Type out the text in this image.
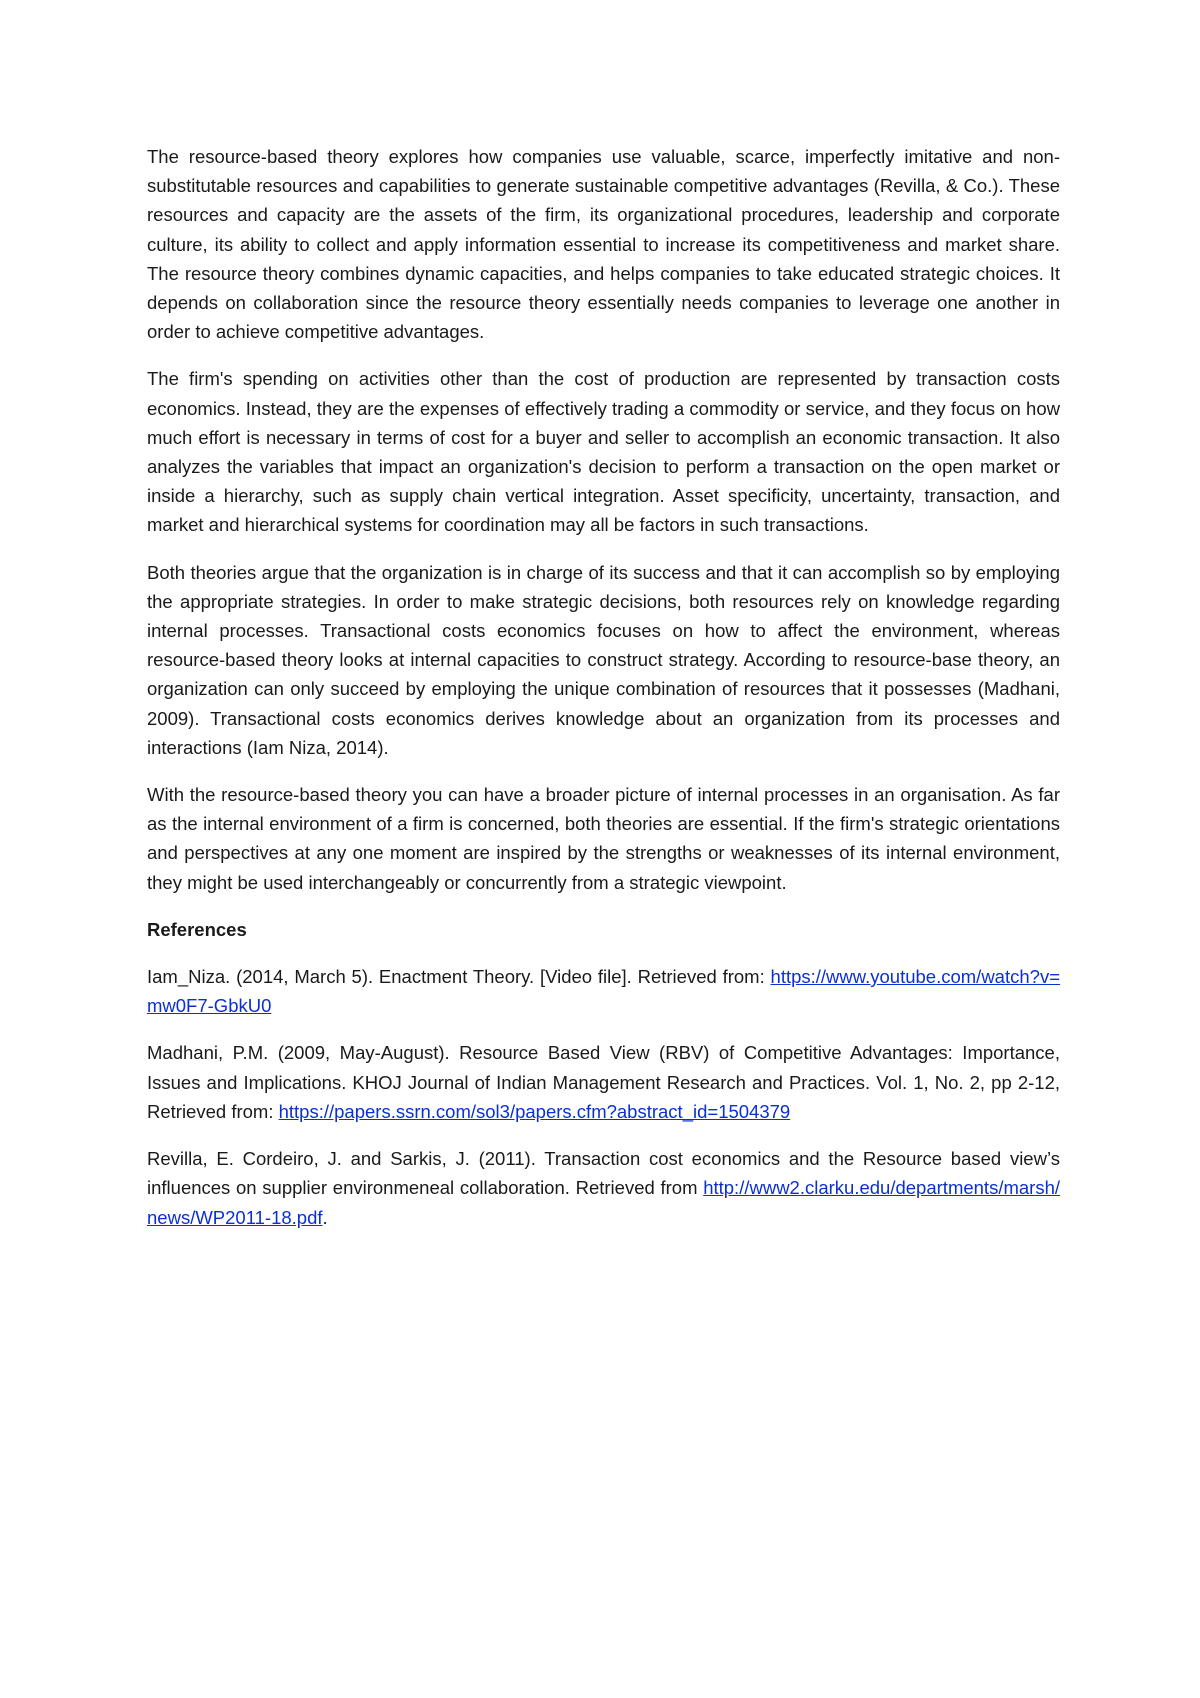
The resource-based theory explores how companies use valuable, scarce, imperfectly imitative and non-substitutable resources and capabilities to generate sustainable competitive advantages (Revilla, & Co.). These resources and capacity are the assets of the firm, its organizational procedures, leadership and corporate culture, its ability to collect and apply information essential to increase its competitiveness and market share. The resource theory combines dynamic capacities, and helps companies to take educated strategic choices. It depends on collaboration since the resource theory essentially needs companies to leverage one another in order to achieve competitive advantages.

The firm's spending on activities other than the cost of production are represented by transaction costs economics. Instead, they are the expenses of effectively trading a commodity or service, and they focus on how much effort is necessary in terms of cost for a buyer and seller to accomplish an economic transaction. It also analyzes the variables that impact an organization's decision to perform a transaction on the open market or inside a hierarchy, such as supply chain vertical integration. Asset specificity, uncertainty, transaction, and market and hierarchical systems for coordination may all be factors in such transactions.

Both theories argue that the organization is in charge of its success and that it can accomplish so by employing the appropriate strategies. In order to make strategic decisions, both resources rely on knowledge regarding internal processes. Transactional costs economics focuses on how to affect the environment, whereas resource-based theory looks at internal capacities to construct strategy. According to resource-base theory, an organization can only succeed by employing the unique combination of resources that it possesses (Madhani, 2009). Transactional costs economics derives knowledge about an organization from its processes and interactions (Iam Niza, 2014).

With the resource-based theory you can have a broader picture of internal processes in an organisation. As far as the internal environment of a firm is concerned, both theories are essential. If the firm's strategic orientations and perspectives at any one moment are inspired by the strengths or weaknesses of its internal environment, they might be used interchangeably or concurrently from a strategic viewpoint.

References

Iam_Niza. (2014, March 5). Enactment Theory. [Video file]. Retrieved from: https://www.youtube.com/watch?v=mw0F7-GbkU0

Madhani, P.M. (2009, May-August). Resource Based View (RBV) of Competitive Advantages: Importance, Issues and Implications. KHOJ Journal of Indian Management Research and Practices. Vol. 1, No. 2, pp 2-12, Retrieved from: https://papers.ssrn.com/sol3/papers.cfm?abstract_id=1504379

Revilla, E. Cordeiro, J. and Sarkis, J. (2011). Transaction cost economics and the Resource based view’s influences on supplier environmeneal collaboration. Retrieved from http://www2.clarku.edu/departments/marsh/news/WP2011-18.pdf.
